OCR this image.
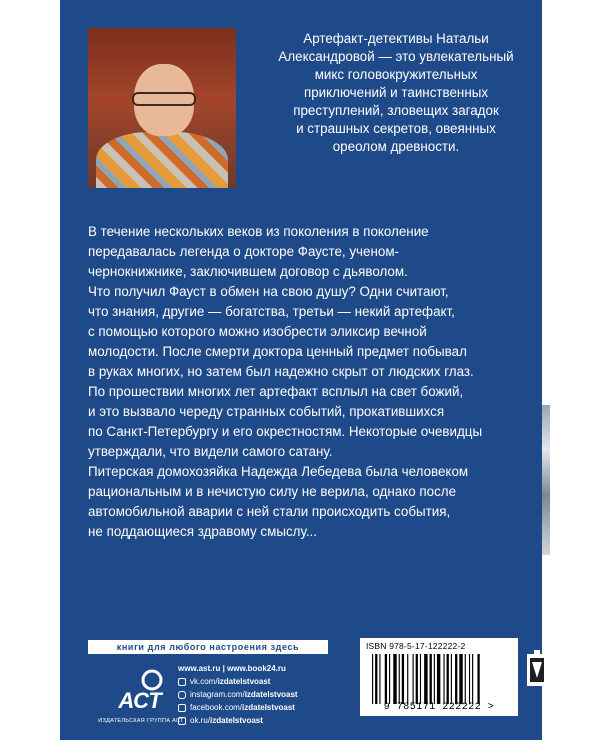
Артефакт-детективы Натальи
Александровой — это увлекательный
микс головокружительных
приключений и таинственных
преступлений, зловещих загадок
и страшных секретов, овеянных
ореолом древности.
В течение нескольких веков из поколения в поколение
передавалась легенда о докторе Фаусте, ученом-
чернокнижнике, заключившем договор с дьяволом.
Что получил Фауст в обмен на свою душу? Одни считают,
что знания, другие — богатства, третьи — некий артефакт,
с помощью которого можно изобрести эликсир вечной
молодости. После смерти доктора ценный предмет побывал
в руках многих, но затем был надежно скрыт от людских глаз.
По прошествии многих лет артефакт всплыл на свет божий,
и это вызвало череду странных событий, прокатившихся
по Санкт-Петербургу и его окрестностям. Некоторые очевидцы
утверждали, что видели самого сатану.
Питерская домохозяйка Надежда Лебедева была человеком
рациональным и в нечистую силу не верила, однако после
автомобильной аварии с ней стали происходить события,
не поддающиеся здравому смыслу...
книги для любого настроения здесь
АСТ
ИЗДАТЕЛЬСКАЯ ГРУППА АСТ
www.ast.ru | www.book24.ru
vk.com/izdatelstvoast
instagram.com/izdatelstvoast
facebook.com/izdatelstvoast
ok.ru/izdatelstvoast
ISBN 978-5-17-122222-2
9 785171 222222 >
